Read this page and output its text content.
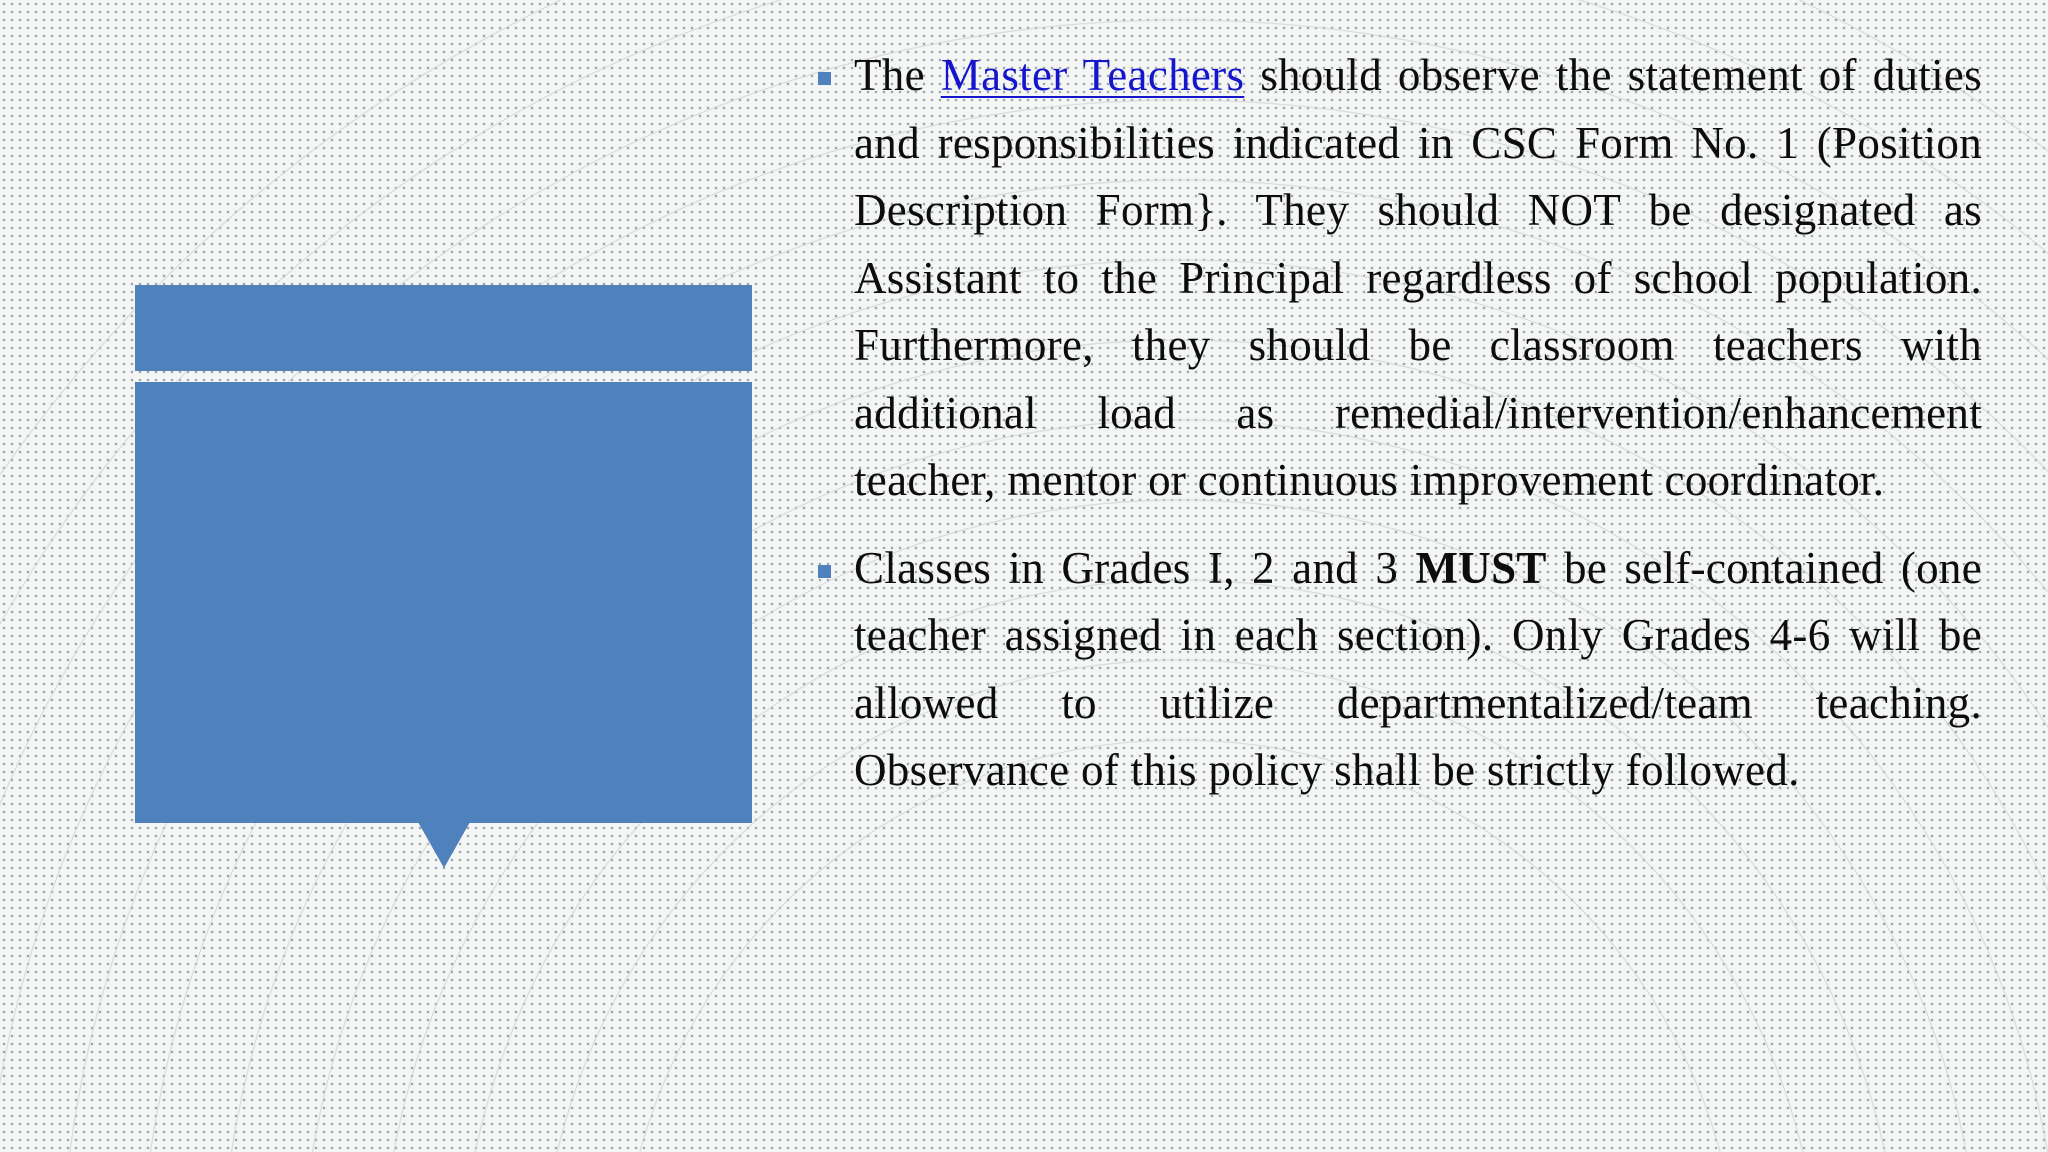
The Master Teachers should observe the statement of duties and responsibilities indicated in CSC Form No. 1 (Position Description Form}. They should NOT be designated as Assistant to the Principal regardless of school population. Furthermore, they should be classroom teachers with additional load as remedial/intervention/enhancement teacher, mentor or continuous improvement coordinator.
Classes in Grades I, 2 and 3 MUST be self-contained (one teacher assigned in each section). Only Grades 4-6 will be allowed to utilize departmentalized/team teaching. Observance of this policy shall be strictly followed.
